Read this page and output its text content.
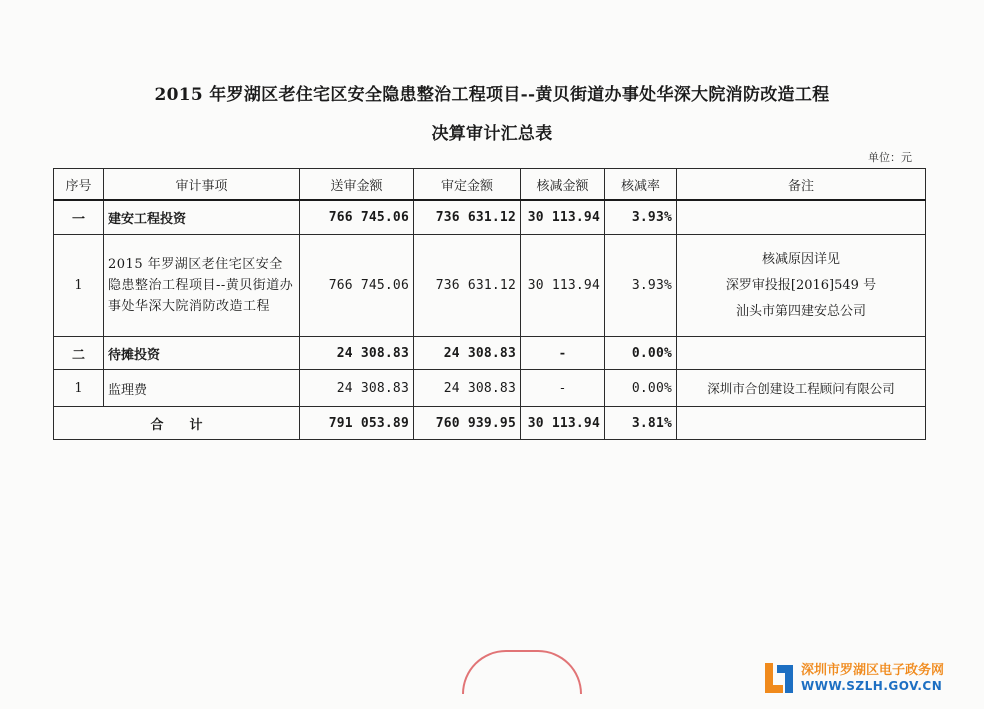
2015 年罗湖区老住宅区安全隐患整治工程项目--黄贝街道办事处华深大院消防改造工程
决算审计汇总表
单位：元
序号	审计事项	送审金额	审定金额	核减金额	核减率	备注
一	建安工程投资	766 745.06	736 631.12	30 113.94	3.93%	
1	2015 年罗湖区老住宅区安全隐患整治工程项目--黄贝街道办事处华深大院消防改造工程	766 745.06	736 631.12	30 113.94	3.93%	核减原因详见
深罗审投报[2016]549 号
汕头市第四建安总公司

二	待摊投资	24 308.83	24 308.83	-	0.00%	
1	监理费	24 308.83	24 308.83	-	0.00%	深圳市合创建设工程顾问有限公司
合　　计		791 053.89	760 939.95	30 113.94	3.81%	
深圳市罗湖区电子政务网
WWW.SZLH.GOV.CN
